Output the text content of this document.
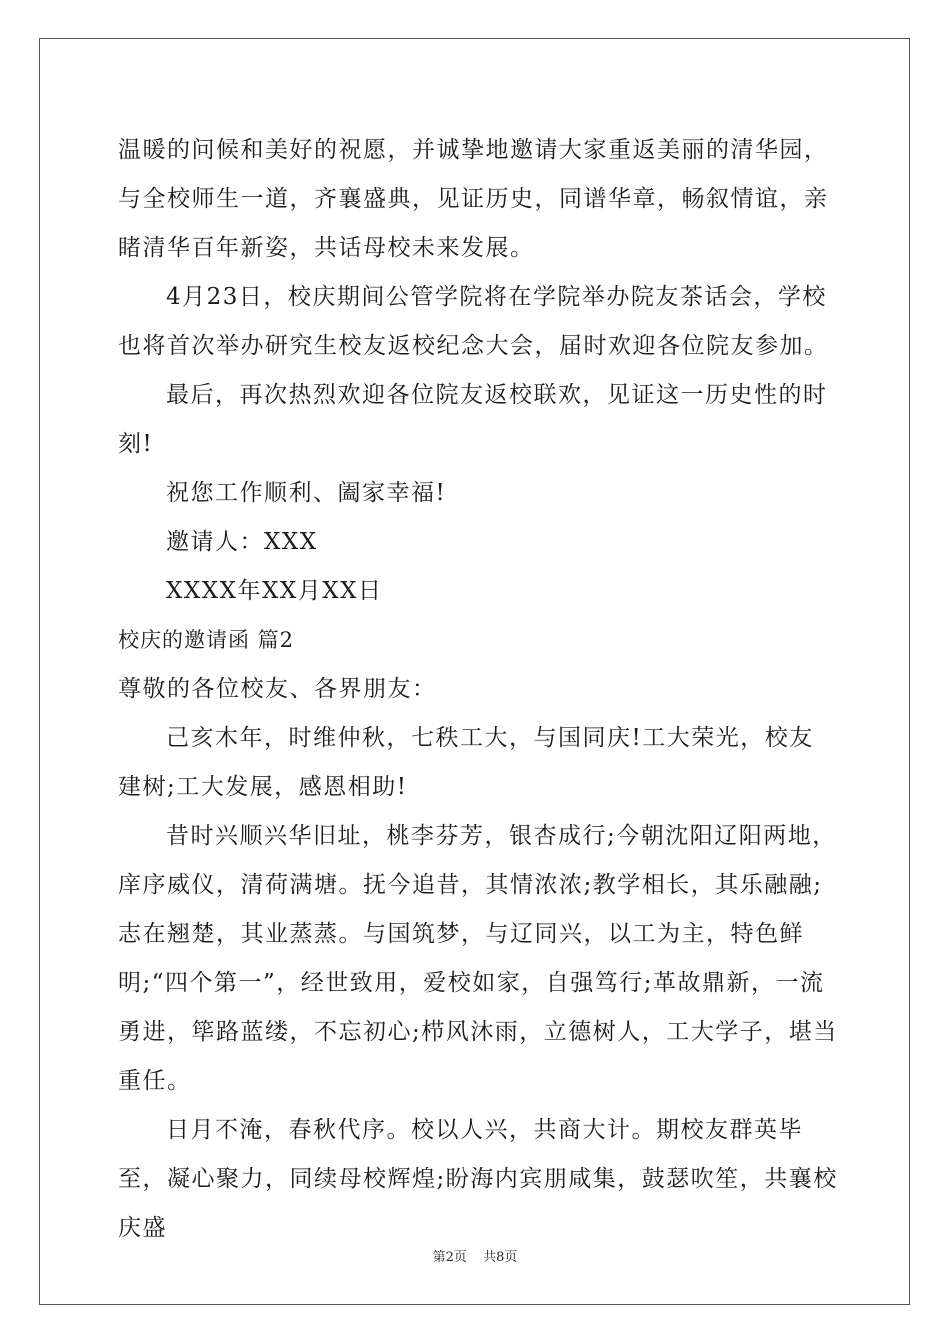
温暖的问候和美好的祝愿，并诚挚地邀请大家重返美丽的清华园，与全校师生一道，齐襄盛典，见证历史，同谱华章，畅叙情谊，亲睹清华百年新姿，共话母校未来发展。

4月23日，校庆期间公管学院将在学院举办院友茶话会，学校也将首次举办研究生校友返校纪念大会，届时欢迎各位院友参加。

最后，再次热烈欢迎各位院友返校联欢，见证这一历史性的时刻!

祝您工作顺利、阖家幸福!

邀请人：XXX

XXXX年XX月XX日

校庆的邀请函 篇2

尊敬的各位校友、各界朋友：

己亥木年，时维仲秋，七秩工大，与国同庆!工大荣光，校友建树;工大发展，感恩相助!

昔时兴顺兴华旧址，桃李芬芳，银杏成行;今朝沈阳辽阳两地，庠序威仪，清荷满塘。抚今追昔，其情浓浓;教学相长，其乐融融;志在翘楚，其业蒸蒸。与国筑梦，与辽同兴，以工为主，特色鲜明;“四个第一”，经世致用，爱校如家，自强笃行;革故鼎新，一流勇进，筚路蓝缕，不忘初心;栉风沐雨，立德树人，工大学子，堪当重任。

日月不淹，春秋代序。校以人兴，共商大计。期校友群英毕至，凝心聚力，同续母校辉煌;盼海内宾朋咸集，鼓瑟吹笙，共襄校庆盛

第2页 共8页
